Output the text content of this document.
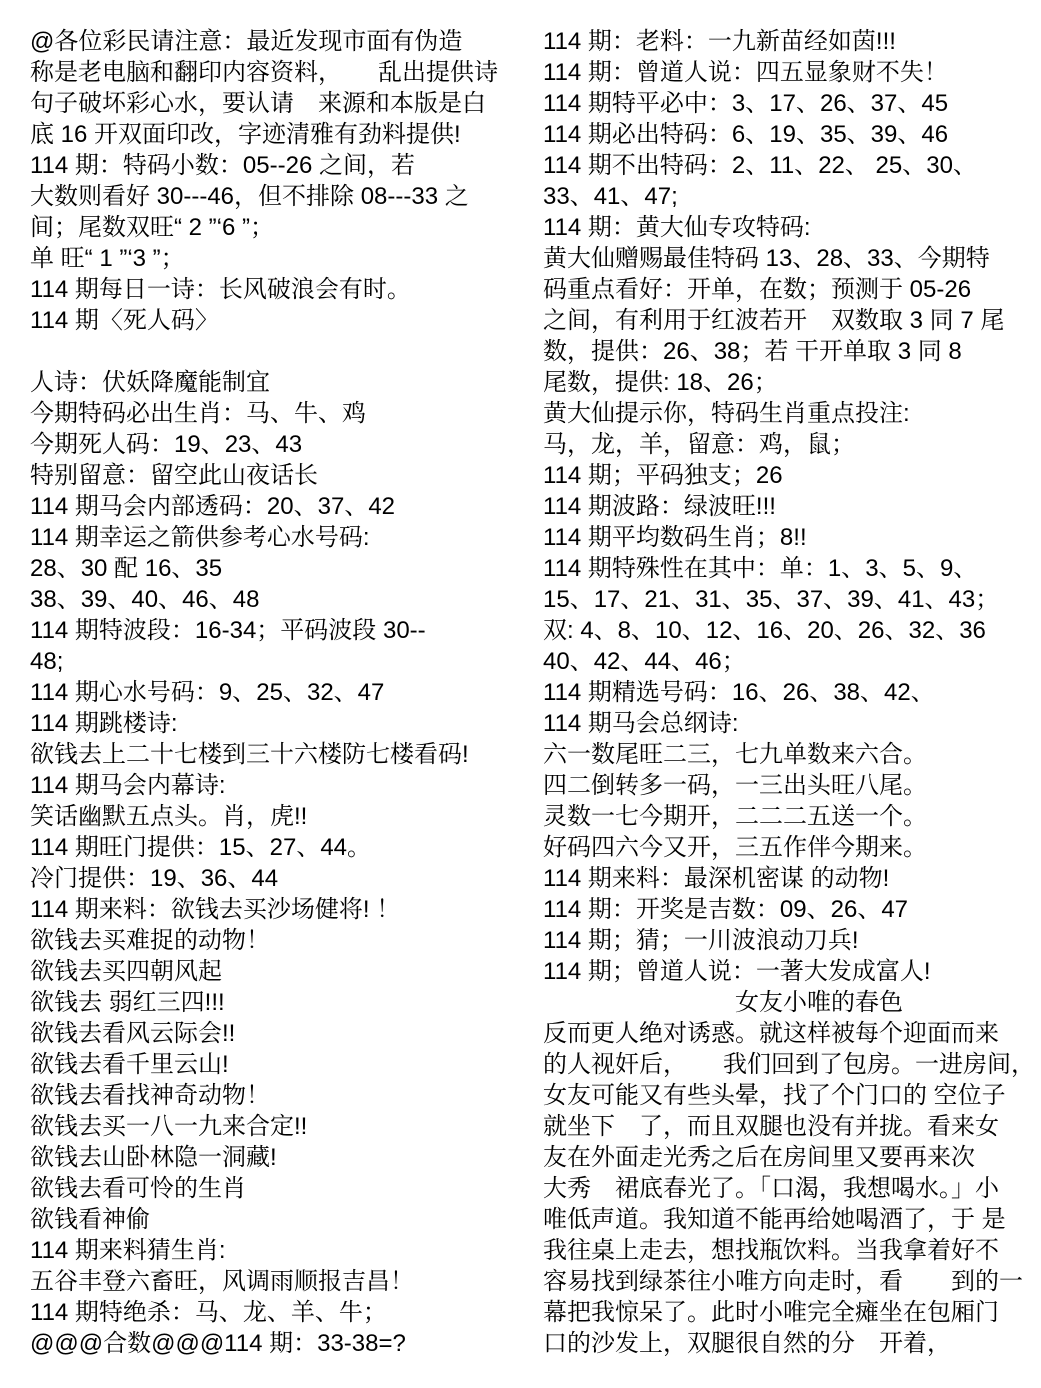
@各位彩民请注意：最近发现市面有伪造
称是老电脑和翻印内容资料，　　乱出提供诗
句子破坏彩心水，要认请　来源和本版是白
底 16 开双面印改，字迹清雅有劲料提供!
114 期：特码小数：05--26 之间，若
大数则看好 30---46，但不排除 08---33 之
间；尾数双旺“ 2 ”‘6 ”；
单 旺“ 1 ”‘3 ”；
114 期每日一诗：长风破浪会有时。
114 期〈死人码〉

人诗：伏妖降魔能制宜
今期特码必出生肖：马、牛、鸡
今期死人码：19、23、43
特别留意：留空此山夜话长
114 期马会内部透码：20、37、42
114 期幸运之箭供参考心水号码:
28、30 配 16、35
38、39、40、46、48
114 期特波段：16-34；平码波段 30--
48;
114 期心水号码：9、25、32、47
114 期跳楼诗:
欲钱去上二十七楼到三十六楼防七楼看码!
114 期马会内幕诗:
笑话幽默五点头。肖，虎!!
114 期旺门提供：15、27、44。
冷门提供：19、36、44
114 期来料：欲钱去买沙场健将! ！
欲钱去买难捉的动物！
欲钱去买四朝风起
欲钱去 弱红三四!!!
欲钱去看风云际会!!
欲钱去看千里云山!
欲钱去看找神奇动物！
欲钱去买一八一九来合定!!
欲钱去山卧林隐一洞藏!
欲钱去看可怜的生肖
欲钱看神偷
114 期来料猜生肖:
五谷丰登六畜旺，风调雨顺报吉昌！
114 期特绝杀：马、龙、羊、牛；
@@@合数@@@114 期：33-38=?
114 期：老料：一九新苗经如茵!!!
114 期：曾道人说：四五显象财不失！
114 期特平必中：3、17、26、37、45
114 期必出特码：6、19、35、39、46
114 期不出特码：2、11、22、 25、30、
33、41、47;
114 期：黄大仙专攻特码:
黄大仙赠赐最佳特码 13、28、33、今期特
码重点看好：开单，在数；预测于 05-26
之间，有利用于红波若开　双数取 3 同 7 尾
数，提供：26、38；若 干开单取 3 同 8
尾数，提供: 18、26；
黄大仙提示你，特码生肖重点投注:
马，龙，羊，留意：鸡，鼠；
114 期；平码独支；26
114 期波路：绿波旺!!!
114 期平均数码生肖；8!!
114 期特殊性在其中：单：1、3、5、9、
15、17、21、31、35、37、39、41、43；
双: 4、8、10、12、16、20、26、32、36
40、42、44、46；
114 期精选号码：16、26、38、42、
114 期马会总纲诗:
六一数尾旺二三，七九单数来六合。
四二倒转多一码，一三出头旺八尾。
灵数一七今期开，二二二五送一个。
好码四六今又开，三五作伴今期来。
114 期来料：最深机密谋 的动物!
114 期：开奖是吉数：09、26、47
114 期；猜；一川波浪动刀兵!
114 期；曾道人说：一著大发成富人!
　　　　　　　　女友小唯的春色
反而更人绝对诱惑。就这样被每个迎面而来
的人视奸后，　　我们回到了包房。一进房间，
女友可能又有些头晕，找了个门口的 空位子
就坐下　了，而且双腿也没有并拢。看来女
友在外面走光秀之后在房间里又要再来次
大秀　裙底春光了。「口渴，我想喝水。」小
唯低声道。我知道不能再给她喝酒了，于 是
我往桌上走去，想找瓶饮料。当我拿着好不
容易找到绿茶往小唯方向走时，看　　到的一
幕把我惊呆了。此时小唯完全瘫坐在包厢门
口的沙发上，双腿很自然的分　开着，
